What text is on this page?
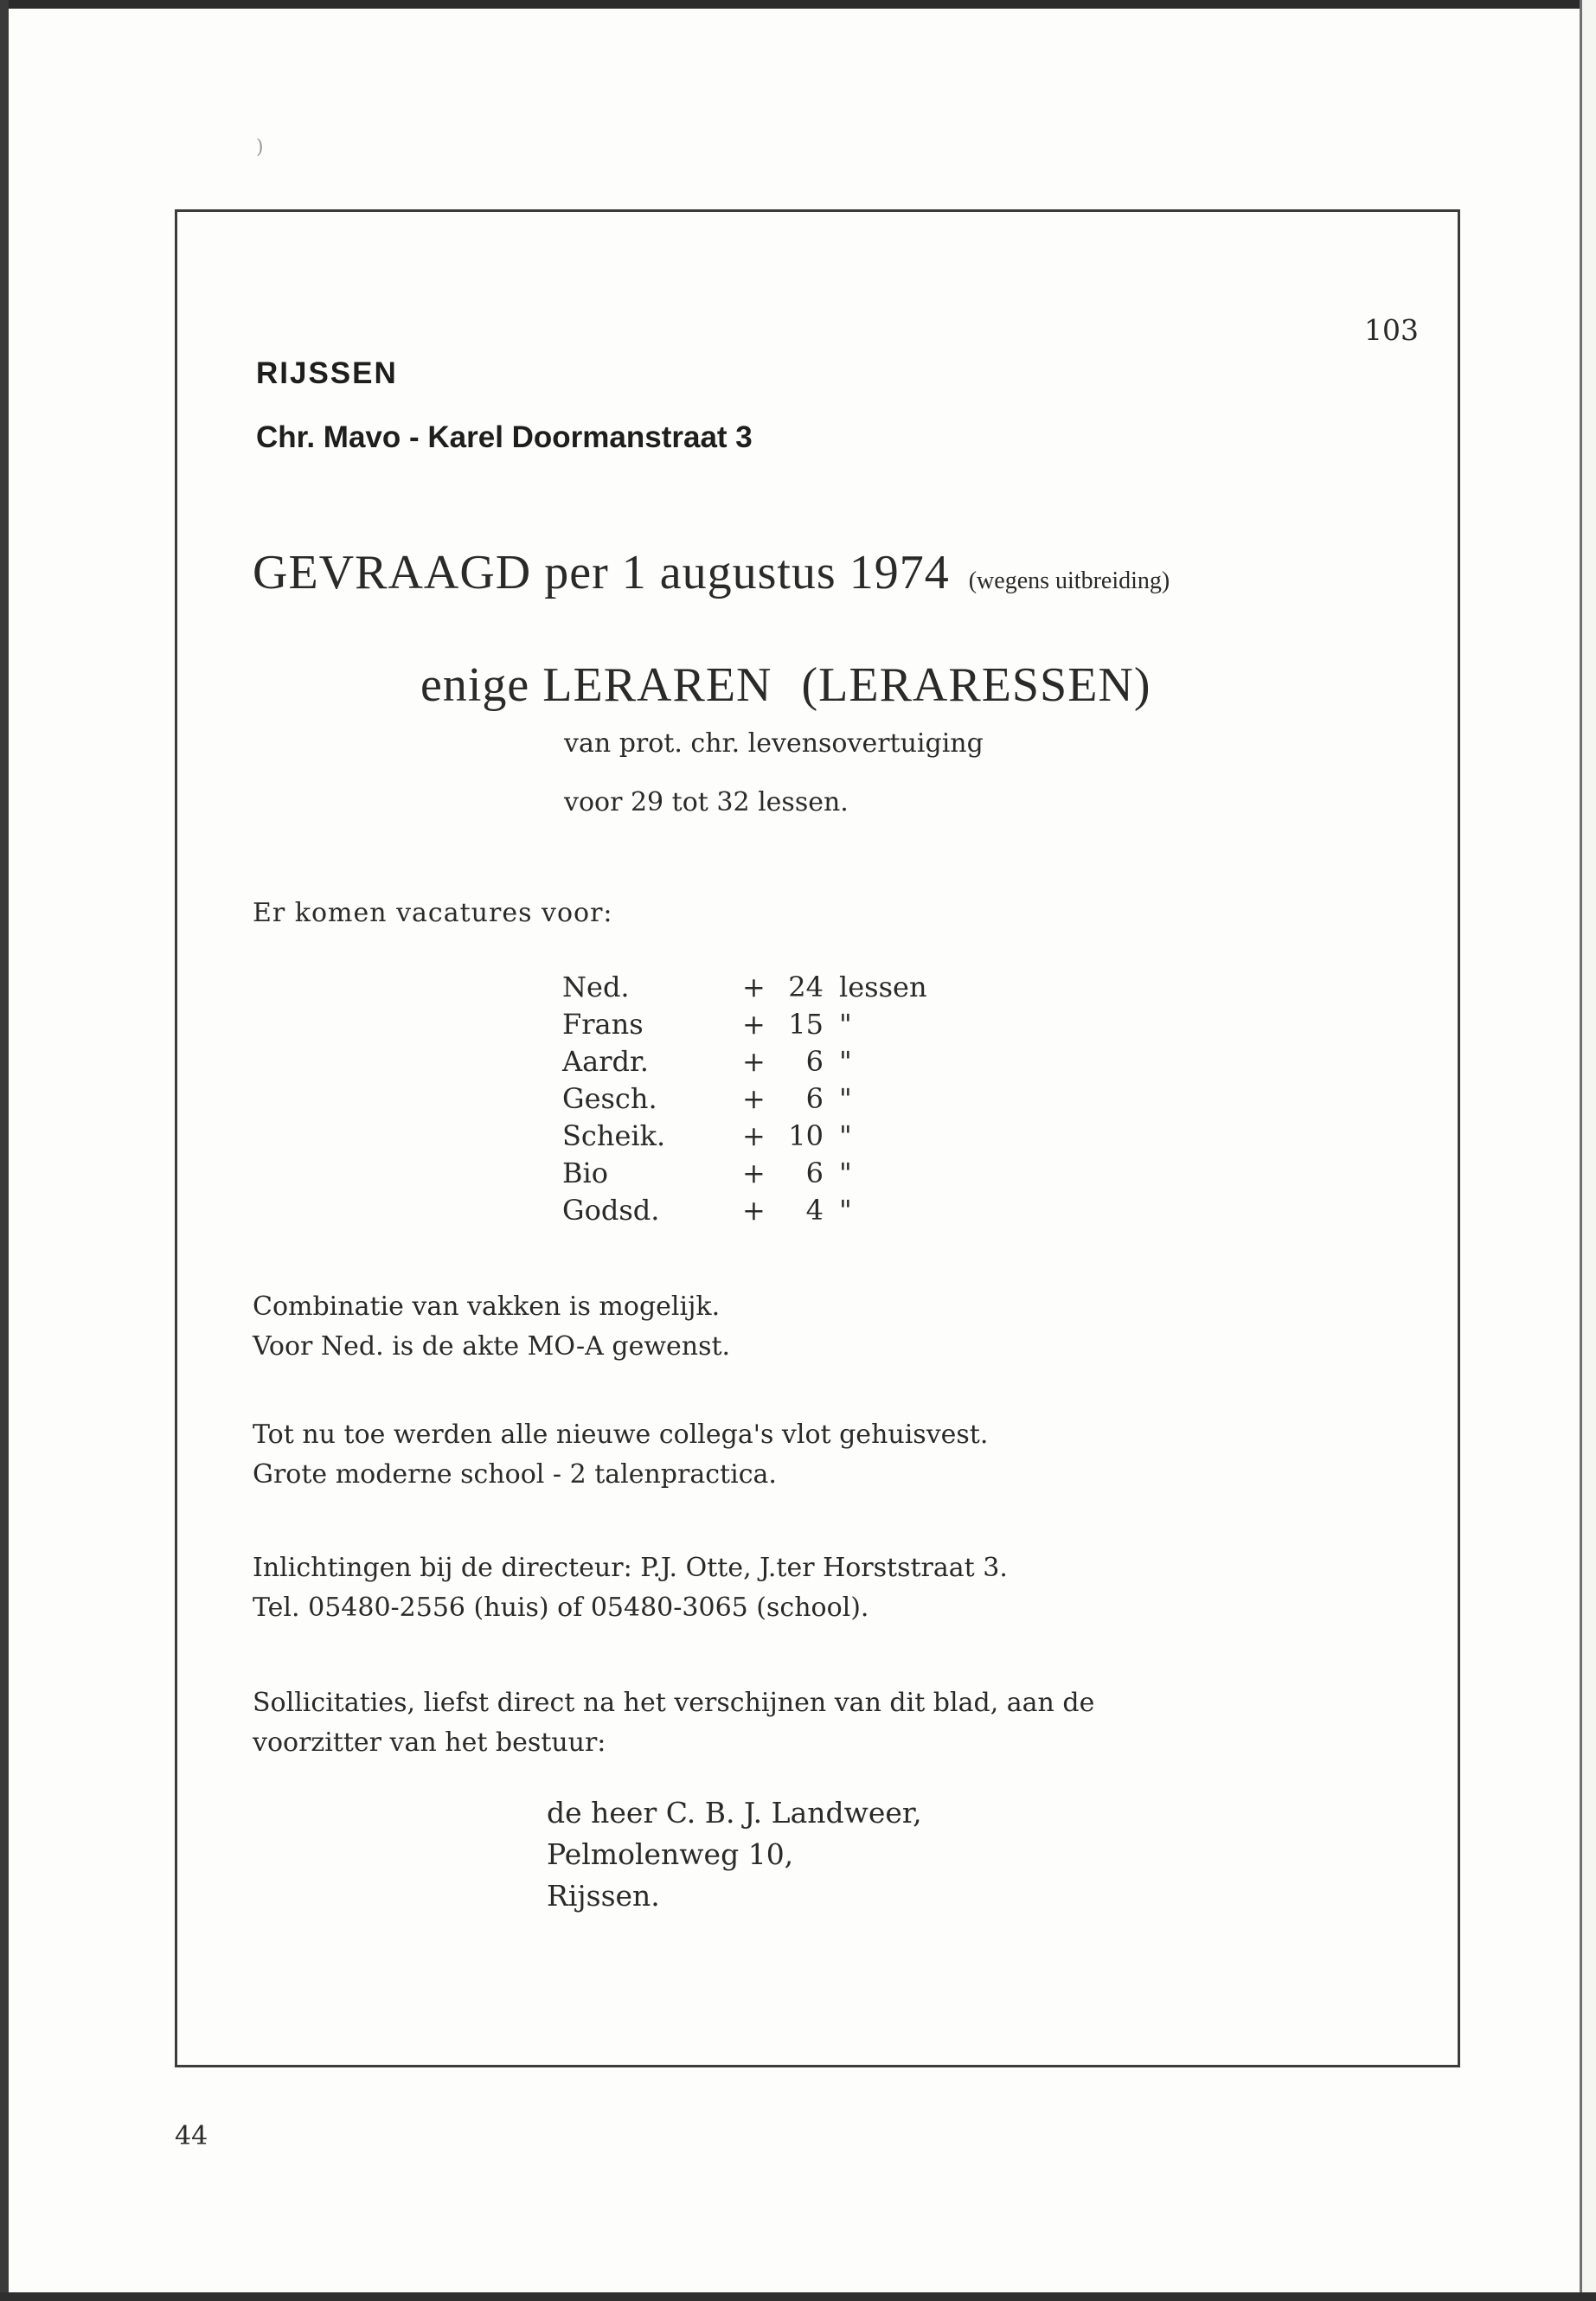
)
103
RIJSSEN
Chr. Mavo - Karel Doormanstraat 3
GEVRAAGD per 1 augustus 1974 (wegens uitbreiding)
enige LERAREN (LERARESSEN)
van prot. chr. levensovertuiging
voor 29 tot 32 lessen.
Er komen vacatures voor:
Ned.	+ 24 lessen
Frans	+ 15 "
Aardr.	+	6 "
Gesch.	+	6 "
Scheik.	+ 10 "
Bio	+	6 "
Godsd.	+	4 "
Combinatie van vakken is mogelijk.
Voor Ned. is de akte MO-A gewenst.
Tot nu toe werden alle nieuwe collega's vlot gehuisvest.
Grote moderne school - 2 talenpractica.
Inlichtingen bij de directeur: P.J. Otte, J.ter Horststraat 3.
Tel. 05480-2556 (huis) of 05480-3065 (school).
Sollicitaties, liefst direct na het verschijnen van dit blad, aan de
voorzitter van het bestuur:
de heer C. B. J. Landweer,
Pelmolenweg 10,
Rijssen.
44
